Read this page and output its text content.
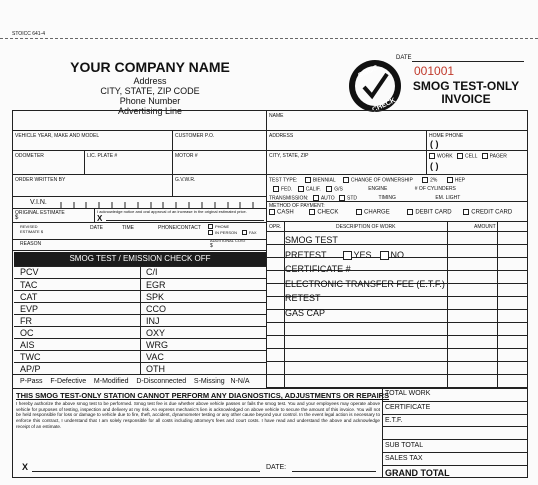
STOICC 641-4
YOUR COMPANY NAME
Address
CITY, STATE, ZIP CODE
Phone Number
Advertising Line
SMOG
CHECK
DATE
001001
SMOG TEST-ONLY
INVOICE
NAME
ADDRESS	HOME PHONE
( )
CITY, STATE, ZIP	WORK CELL PAGER
( )
TEST TYPE:	BIENNIAL	CHANGE OF OWNERSHIP	2%	HEP
FED.	CALIF.	G/S	ENGINE	# OF CYLINDERS
TRANSMISSION: AUTO STD	TIMING	EM. LIGHT
METHOD OF PAYMENT:
CASH	CHECK	CHARGE	DEBIT CARD	CREDIT CARD
VEHICLE YEAR, MAKE AND MODEL	CUSTOMER P.O.
ODOMETER	LIC. PLATE #	MOTOR #
ORDER WRITTEN BY	G.V.W.R.
V.I.N.
ORIGINAL ESTIMATE
$
I acknowledge notice and oral approval of an increase in the original estimated price.
X
REVISED ESTIMATE $
DATE	TIME	PHONE/CONTACT	PHONE
IN PERSON
	FAX
REASON
ADDITIONAL COST
$
SMOG TEST / EMISSION CHECK OFF
PCV	C/I
TAC	EGR
CAT	SPK
EVP	CCO
FR	INJ
OC	OXY
AIS	WRG
TWC	VAC
AP/P	OTH
P-Pass F-Defective M-Modified D-Disconnected S-Missing N-N/A
OPR.	DESCRIPTION OF WORK	AMOUNT
SMOG TEST
PRETEST	YES NO
CERTIFICATE #
ELECTRONIC TRANSFER FEE (E.T.F.)
RETEST
GAS CAP
THIS SMOG TEST-ONLY STATION CANNOT PERFORM ANY DIAGNOSTICS, ADJUSTMENTS OR REPAIRS
I hereby authorize the above smog test to be performed. Smog test fee is due whether above vehicle passes or fails the smog test. You and your employees may operate above vehicle for purposes of testing, inspection and delivery at my risk. An express mechanic's lien is acknowledged on above vehicle to secure the amount of this invoice. You will not be held responsible for loss or damage to vehicle due to fire, theft, accident, dynamometer testing or any other cause beyond your control. In the event legal action is necessary to enforce this contract, I understand that I am solely responsible for all costs including attorney's fees and court costs. I have read and understand the above and acknowledge receipt of an estimate.
X	DATE:
TOTAL WORK
CERTIFICATE
E.T.F.
SUB TOTAL
SALES TAX
GRAND TOTAL
